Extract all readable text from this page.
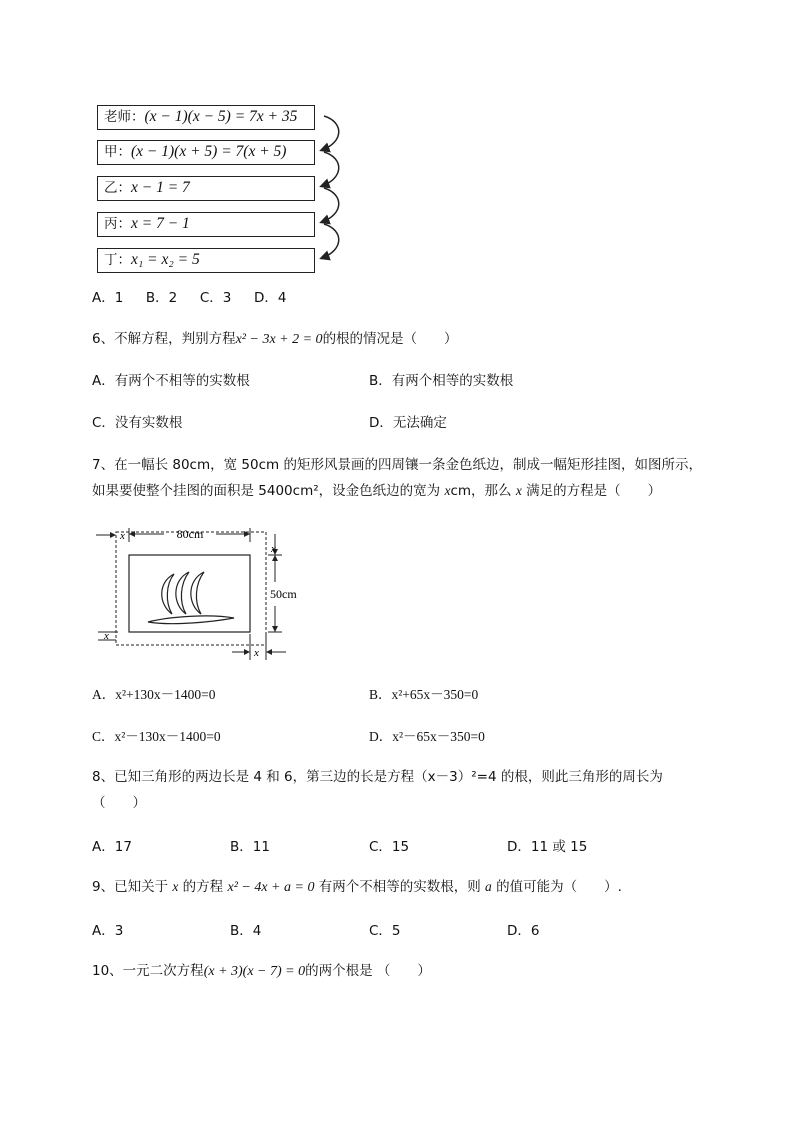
老师：(x − 1)(x − 5) = 7x + 35
甲：(x − 1)(x + 5) = 7(x + 5)
乙：x − 1 = 7
丙：x = 7 − 1
丁：x₁ = x₂ = 5
A．1 B．2 C．3 D．4
6、不解方程，判别方程x² − 3x + 2 = 0的根的情况是（　　）
A．有两个不相等的实数根	B．有两个相等的实数根
C．没有实数根	D．无法确定
7、在一幅长 80cm，宽 50cm 的矩形风景画的四周镶一条金色纸边，制成一幅矩形挂图，如图所示，
如果要使整个挂图的面积是 5400cm²，设金色纸边的宽为 xcm，那么 x 满足的方程是（　　）
80cm
x
50cm
x
x
x
A．x²+130x－1400=0	B．x²+65x－350=0
C．x²－130x－1400=0	D．x²－65x－350=0
8、已知三角形的两边长是 4 和 6，第三边的长是方程（x－3）²=4 的根，则此三角形的周长为
（　　）
A．17	B．11	C．15	D．11 或 15
9、已知关于 x 的方程 x² − 4x + a = 0 有两个不相等的实数根，则 a 的值可能为（　　）.
A．3	B．4	C．5	D．6
10、一元二次方程(x + 3)(x − 7) = 0的两个根是 （　　）
